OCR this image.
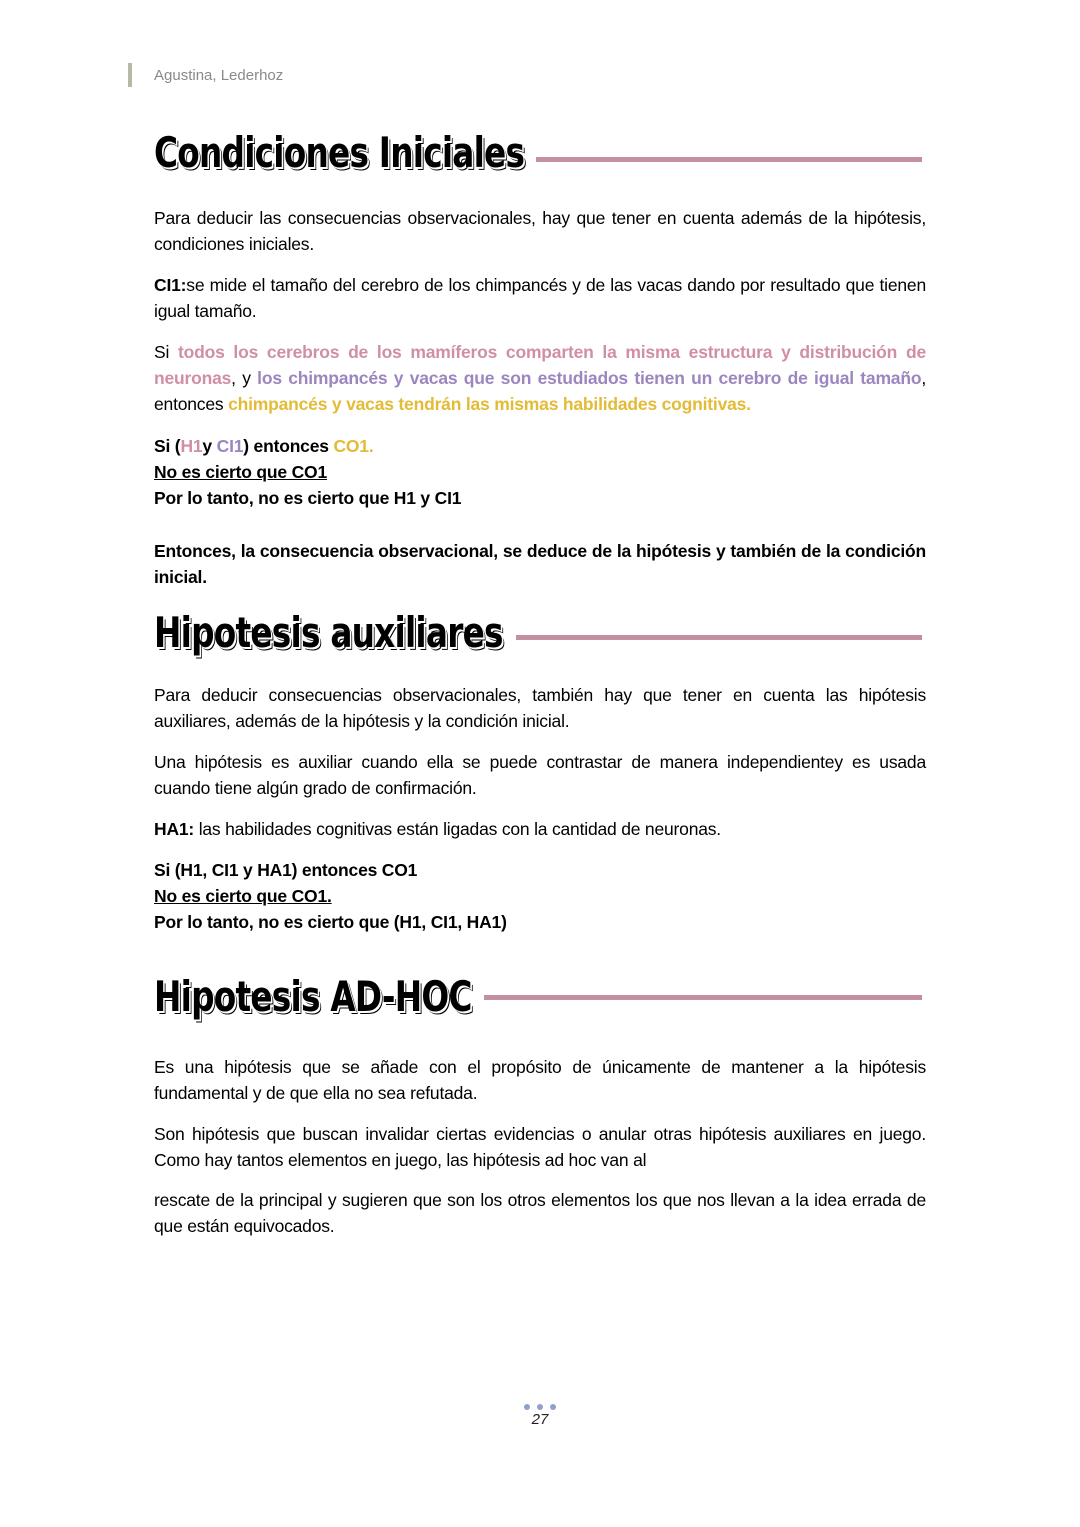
Agustina, Lederhoz
Condiciones Iniciales

Para deducir las consecuencias observacionales, hay que tener en cuenta además de la hipótesis, condiciones iniciales.

CI1:se mide el tamaño del cerebro de los chimpancés y de las vacas dando por resultado que tienen igual tamaño.

Si todos los cerebros de los mamíferos comparten la misma estructura y distribución de neuronas, y los chimpancés y vacas que son estudiados tienen un cerebro de igual tamaño, entonces chimpancés y vacas tendrán las mismas habilidades cognitivas.

Si (H1y CI1) entonces CO1.
No es cierto que CO1
Por lo tanto, no es cierto que H1 y CI1

Entonces, la consecuencia observacional, se deduce de la hipótesis y también de la condición inicial.

Hipotesis auxiliares

Para deducir consecuencias observacionales, también hay que tener en cuenta las hipótesis auxiliares, además de la hipótesis y la condición inicial.

Una hipótesis es auxiliar cuando ella se puede contrastar de manera independientey es usada cuando tiene algún grado de confirmación.

HA1: las habilidades cognitivas están ligadas con la cantidad de neuronas.

Si (H1, CI1 y HA1) entonces CO1
No es cierto que CO1.
Por lo tanto, no es cierto que (H1, CI1, HA1)
Hipotesis AD-HOC

Es una hipótesis que se añade con el propósito de únicamente de mantener a la hipótesis fundamental y de que ella no sea refutada.

Son hipótesis que buscan invalidar ciertas evidencias o anular otras hipótesis auxiliares en juego. Como hay tantos elementos en juego, las hipótesis ad hoc van al

rescate de la principal y sugieren que son los otros elementos los que nos llevan a la idea errada de que están equivocados.

27
